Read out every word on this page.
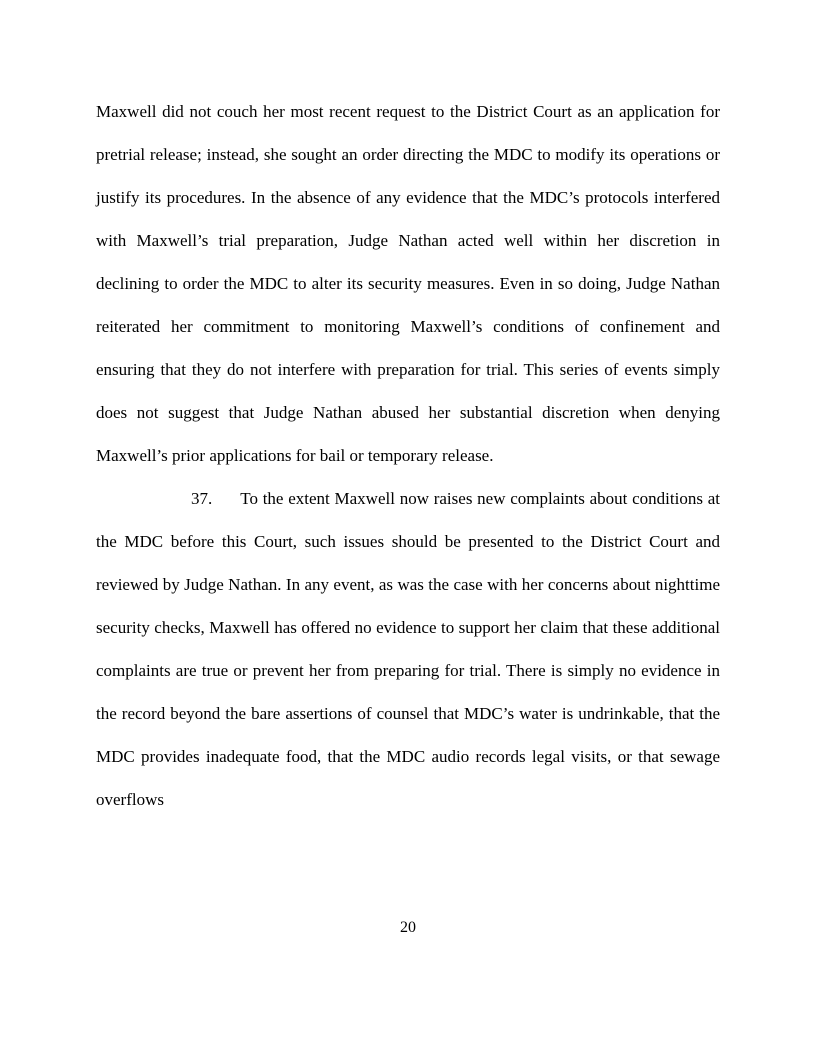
Maxwell did not couch her most recent request to the District Court as an application for pretrial release; instead, she sought an order directing the MDC to modify its operations or justify its procedures. In the absence of any evidence that the MDC’s protocols interfered with Maxwell’s trial preparation, Judge Nathan acted well within her discretion in declining to order the MDC to alter its security measures. Even in so doing, Judge Nathan reiterated her commitment to monitoring Maxwell’s conditions of confinement and ensuring that they do not interfere with preparation for trial. This series of events simply does not suggest that Judge Nathan abused her substantial discretion when denying Maxwell’s prior applications for bail or temporary release.

37. To the extent Maxwell now raises new complaints about conditions at the MDC before this Court, such issues should be presented to the District Court and reviewed by Judge Nathan. In any event, as was the case with her concerns about nighttime security checks, Maxwell has offered no evidence to support her claim that these additional complaints are true or prevent her from preparing for trial. There is simply no evidence in the record beyond the bare assertions of counsel that MDC’s water is undrinkable, that the MDC provides inadequate food, that the MDC audio records legal visits, or that sewage overflows

20
